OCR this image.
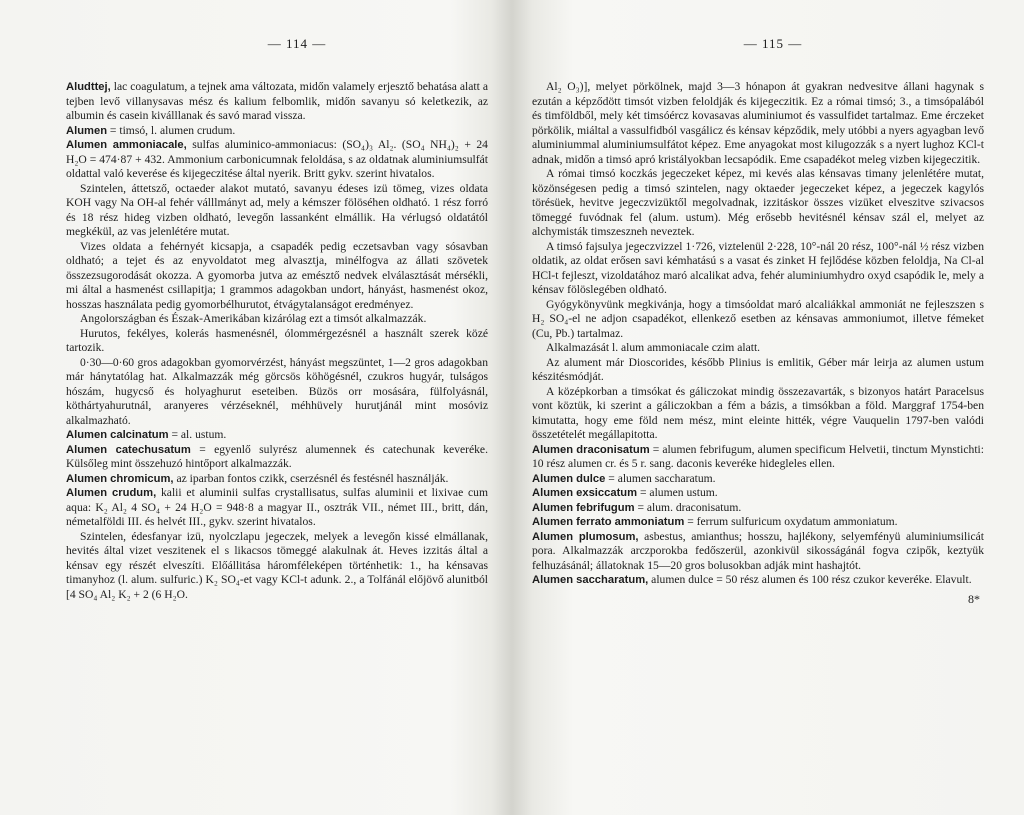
— 114 —

Aludttej, lac coagulatum, a tejnek ama változata, midőn valamely erjesztő behatása alatt a tejben levő villanysavas mész és kalium felbomlik, midőn savanyu só keletkezik, az albumin és casein kiválllanak és savó marad vissza.

Alumen = timsó, l. alumen crudum.

Alumen ammoniacale, sulfas aluminico-ammoniacus: (SO₄)₃ Al₂. (SO₄ NH₄)₂ + 24 H₂O = 474·87 + 432. Ammonium carbonicumnak feloldása, s az oldatnak aluminiumsulfát oldattal való keverése és kijegeczitése által nyerik. Britt gykv. szerint hivatalos.

Szintelen, áttetsző, octaeder alakot mutató, savanyu édeses izü tömeg, vizes oldata KOH vagy Na OH-al fehér válllmányt ad, mely a kémszer fölöséhen oldható. 1 rész forró és 18 rész hideg vizben oldható, levegőn lassanként elmállik. Ha vérlugsó oldatától megkékül, az vas jelenlétére mutat.

Vizes oldata a fehérnyét kicsapja, a csapadék pedig eczetsavban vagy sósavban oldható; a tejet és az enyvoldatot meg alvasztja, minélfogva az állati szövetek összezsugorodását okozza. A gyomorba jutva az emésztő nedvek elválasztását mérsékli, mi által a hasmenést csillapitja; 1 grammos adagokban undort, hányást, hasmenést okoz, hosszas használata pedig gyomorbélhurutot, étvágytalanságot eredményez.

Angolországban és Észak-Amerikában kizárólag ezt a timsót alkalmazzák.

Hurutos, fekélyes, kolerás hasmenésnél, ólommérgezésnél a használt szerek közé tartozik.

0·30—0·60 gros adagokban gyomorvérzést, hányást megszüntet, 1—2 gros adagokban már hánytatólag hat. Alkalmazzák még görcsös köhögésnél, czukros hugyár, tulságos hószám, hugycső és holyaghurut eseteiben. Büzös orr mosására, fülfolyásnál, köthártyahurutnál, aranyeres vérzéseknél, méhhüvely hurutjánál mint mosóviz alkalmazható.

Alumen calcinatum = al. ustum.

Alumen catechusatum = egyenlő sulyrész alumennek és catechunak keveréke. Külsőleg mint összehuzó hintőport alkalmazzák.

Alumen chromicum, az iparban fontos czikk, cserzésnél és festésnél használják.

Alumen crudum, kalii et aluminii sulfas crystallisatus, sulfas aluminii et lixivae cum aqua: K₂ Al₂ 4 SO₄ + 24 H₂O = 948·8 a magyar II., osztrák VII., német III., britt, dán, németalföldi III. és helvét III., gykv. szerint hivatalos.

Szintelen, édesfanyar izü, nyolczlapu jegeczek, melyek a levegőn kissé elmállanak, hevités által vizet veszitenek el s likacsos tömeggé alakulnak át. Heves izzitás által a kénsav egy részét elveszíti. Előállitása háromféleképen történhetik: 1., ha kénsavas timanyhoz (l. alum. sulfuric.) K₂ SO₄-et vagy KCl-t adunk. 2., a Tolfánál előjövő alunitból [4 SO₄ Al₂ K₂ + 2 (6 H₂O.

— 115 —

Al₂ O₃)], melyet pörkölnek, majd 3—3 hónapon át gyakran nedvesitve állani hagynak s ezután a képződött timsót vizben feloldják és kijegeczitik. Ez a római timsó; 3., a timsópalából és timföldből, mely két timsóércz kovasavas aluminiumot és vassulfidet tartalmaz. Eme érczeket pörkölik, miáltal a vassulfidból vasgálicz és kénsav képződik, mely utóbbi a nyers agyagban levő aluminiummal aluminiumsulfátot képez. Eme anyagokat most kilugozzák s a nyert lughoz KCl-t adnak, midőn a timsó apró kristályokban lecsapódik. Eme csapadékot meleg vizben kijegeczitik.

A római timsó koczkás jegeczeket képez, mi kevés alas kénsavas timany jelenlétére mutat, közönségesen pedig a timsó szintelen, nagy oktaeder jegeczeket képez, a jegeczek kagylós törésüek, hevitve jegeczvizüktől megolvadnak, izzitáskor összes vizüket elveszitve szivacsos tömeggé fuvódnak fel (alum. ustum). Még erősebb hevitésnél kénsav szál el, melyet az alchymisták timszeszneh neveztek.

A timsó fajsulya jegeczvizzel 1·726, viztelenül 2·228, 10°-nál 20 rész, 100°-nál ½ rész vizben oldatik, az oldat erősen savi kémhatású s a vasat és zinket H fejlődése közben feloldja, Na Cl-al HCl-t fejleszt, vizoldatához maró alcalikat adva, fehér aluminiumhydro oxyd csapódik le, mely a kénsav fölöslegében oldható.

Gyógykönyvünk megkivánja, hogy a timsóoldat maró alcaliákkal ammoniát ne fejleszszen s H₂ SO₄-el ne adjon csapadékot, ellenkező esetben az kénsavas ammoniumot, illetve fémeket (Cu, Pb.) tartalmaz.

Alkalmazását l. alum ammoniacale czim alatt.

Az alument már Dioscorides, később Plinius is emlitik, Géber már leirja az alumen ustum készitésmódját.

A középkorban a timsókat és gáliczokat mindig összezavarták, s bizonyos határt Paracelsus vont köztük, ki szerint a gáliczokban a fém a bázis, a timsókban a föld. Marggraf 1754-ben kimutatta, hogy eme föld nem mész, mint eleinte hitték, végre Vauquelin 1797-ben valódi összetételét megállapitotta.

Alumen draconisatum = alumen febrifugum, alumen specificum Helvetii, tinctum Mynstichti: 10 rész alumen cr. és 5 r. sang. daconis keveréke hidegleles ellen.

Alumen dulce = alumen saccharatum.

Alumen exsiccatum = alumen ustum.

Alumen febrifugum = alum. draconisatum.

Alumen ferrato ammoniatum = ferrum sulfuricum oxydatum ammoniatum.

Alumen plumosum, asbestus, amianthus; hosszu, hajlékony, selyemfényü aluminiumsilicát pora. Alkalmazzák arczporokba fedőszerül, azonkivül sikosságánál fogva czipők, keztyük felhuzásánál; állatoknak 15—20 gros bolusokban adják mint hashajtót.

Alumen saccharatum, alumen dulce = 50 rész alumen és 100 rész czukor keveréke. Elavult.

8*
